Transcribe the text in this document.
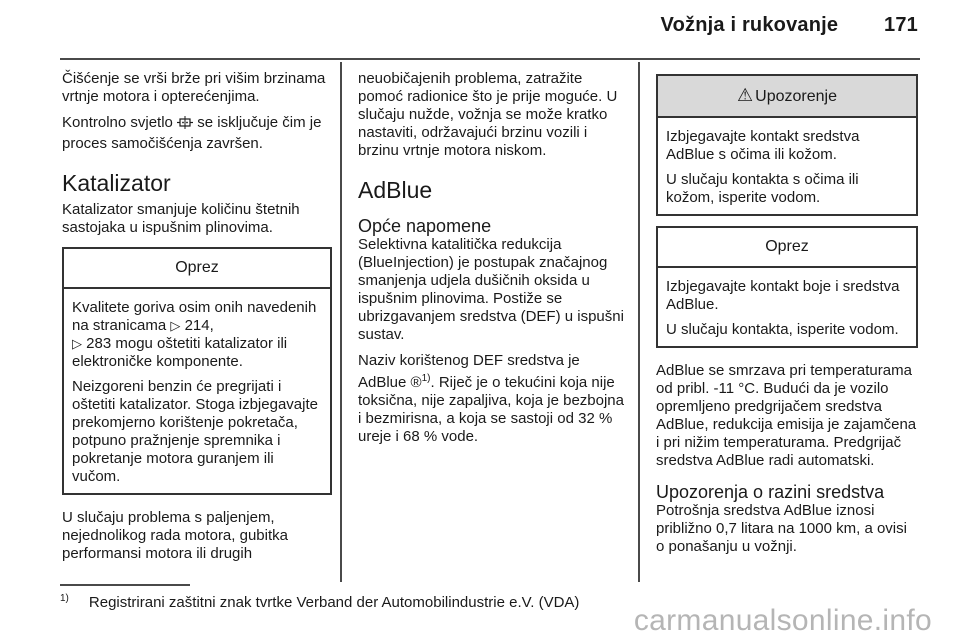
Vožnja i rukovanje 171

Čišćenje se vrši brže pri višim brzinama vrtnje motora i opterećenjima.

Kontrolno svjetlo  se isključuje čim je proces samočišćenja završen.

Katalizator

Katalizator smanjuje količinu štetnih sastojaka u ispušnim plinovima.

Oprez

Kvalitete goriva osim onih navedenih na stranicama ▷ 214,
▷ 283 mogu oštetiti katalizator ili elektroničke komponente.

Neizgoreni benzin će pregrijati i oštetiti katalizator. Stoga izbjegavajte prekomjerno korištenje pokretača, potpuno pražnjenje spremnika i pokretanje motora guranjem ili vučom.

U slučaju problema s paljenjem, nejednolikog rada motora, gubitka performansi motora ili drugih

neuobičajenih problema, zatražite pomoć radionice što je prije moguće. U slučaju nužde, vožnja se može kratko nastaviti, održavajući brzinu vozili i brzinu vrtnje motora niskom.

AdBlue
Opće napomene

Selektivna katalitička redukcija (BlueInjection) je postupak značajnog smanjenja udjela dušičnih oksida u ispušnim plinovima. Postiže se ubrizgavanjem sredstva (DEF) u ispušni sustav.

Naziv korištenog DEF sredstva je AdBlue ®$^{1)}$. Riječ je o tekućini koja nije toksična, nije zapaljiva, koja je bezbojna i bezmirisna, a koja se sastoji od 32 % ureje i 68 % vode.

⚠ Upozorenje

Izbjegavajte kontakt sredstva AdBlue s očima ili kožom.

U slučaju kontakta s očima ili kožom, isperite vodom.

Oprez

Izbjegavajte kontakt boje i sredstva AdBlue.

U slučaju kontakta, isperite vodom.

AdBlue se smrzava pri temperaturama od pribl. -11 °C. Budući da je vozilo opremljeno predgrijačem sredstva AdBlue, redukcija emisija je zajamčena i pri nižim temperaturama. Predgrijač sredstva AdBlue radi automatski.

Upozorenja o razini sredstva

Potrošnja sredstva AdBlue iznosi približno 0,7 litara na 1000 km, a ovisi o ponašanju u vožnji.

$^{1)}$ Registrirani zaštitni znak tvrtke Verband der Automobilindustrie e.V. (VDA)
carmanualsonline.info
